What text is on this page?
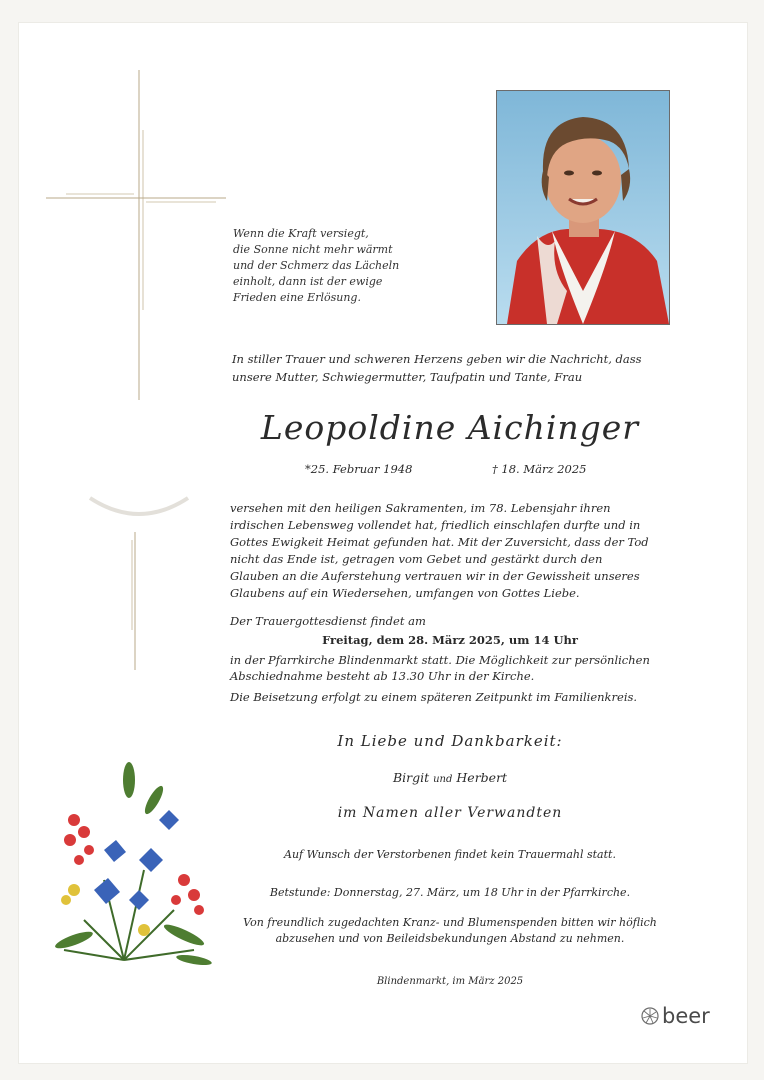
Wenn die Kraft versiegt,
die Sonne nicht mehr wärmt
und der Schmerz das Lächeln
einholt, dann ist der ewige
Frieden eine Erlösung.
In stiller Trauer und schweren Herzens geben wir die Nachricht, dass
unsere Mutter, Schwiegermutter, Taufpatin und Tante, Frau
Leopoldine Aichinger
*25. Februar 1948	† 18. März 2025
versehen mit den heiligen Sakramenten, im 78. Lebensjahr ihren
irdischen Lebensweg vollendet hat, friedlich einschlafen durfte und in
Gottes Ewigkeit Heimat gefunden hat. Mit der Zuversicht, dass der Tod
nicht das Ende ist, getragen vom Gebet und gestärkt durch den
Glauben an die Auferstehung vertrauen wir in der Gewissheit unseres
Glaubens auf ein Wiedersehen, umfangen von Gottes Liebe.
Der Trauergottesdienst findet am
Freitag, dem 28. März 2025, um 14 Uhr
in der Pfarrkirche Blindenmarkt statt. Die Möglichkeit zur persönlichen
Abschiednahme besteht ab 13.30 Uhr in der Kirche.
Die Beisetzung erfolgt zu einem späteren Zeitpunkt im Familienkreis.
In Liebe und Dankbarkeit:
Birgit und Herbert
im Namen aller Verwandten
Auf Wunsch der Verstorbenen findet kein Trauermahl statt.
Betstunde: Donnerstag, 27. März, um 18 Uhr in der Pfarrkirche.
Von freundlich zugedachten Kranz- und Blumenspenden bitten wir höflich
abzusehen und von Beileidsbekundungen Abstand zu nehmen.
Blindenmarkt, im März 2025
beer
